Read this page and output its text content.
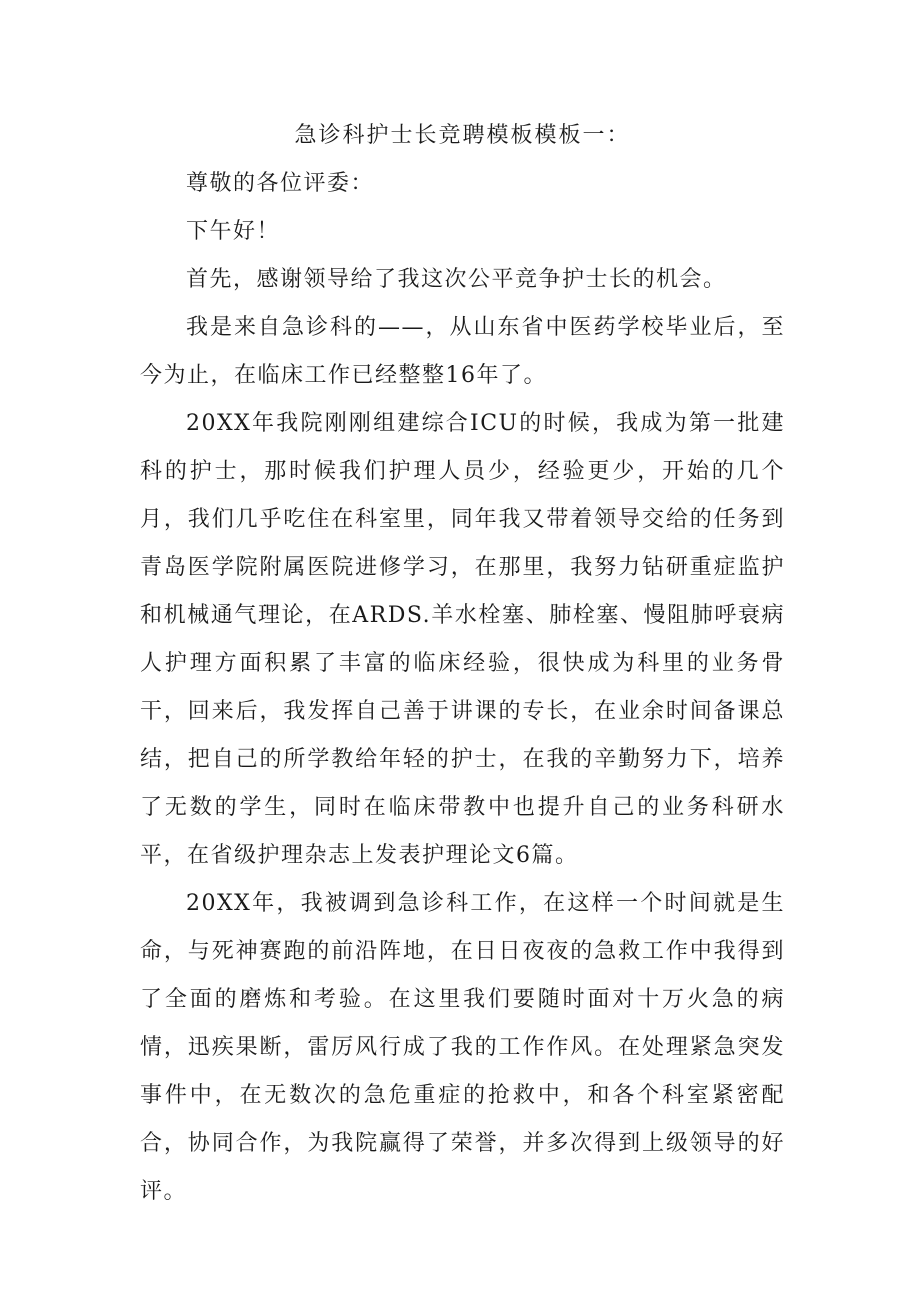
急诊科护士长竞聘模板模板一：

尊敬的各位评委：

下午好！

首先，感谢领导给了我这次公平竞争护士长的机会。

我是来自急诊科的——，从山东省中医药学校毕业后，至今为止，在临床工作已经整整16年了。

20XX年我院刚刚组建综合ICU的时候，我成为第一批建科的护士，那时候我们护理人员少，经验更少，开始的几个月，我们几乎吃住在科室里，同年我又带着领导交给的任务到青岛医学院附属医院进修学习，在那里，我努力钻研重症监护和机械通气理论，在ARDS.羊水栓塞、肺栓塞、慢阻肺呼衰病人护理方面积累了丰富的临床经验，很快成为科里的业务骨干，回来后，我发挥自己善于讲课的专长，在业余时间备课总结，把自己的所学教给年轻的护士，在我的辛勤努力下，培养了无数的学生，同时在临床带教中也提升自己的业务科研水平，在省级护理杂志上发表护理论文6篇。

20XX年，我被调到急诊科工作，在这样一个时间就是生命，与死神赛跑的前沿阵地，在日日夜夜的急救工作中我得到了全面的磨炼和考验。在这里我们要随时面对十万火急的病情，迅疾果断，雷厉风行成了我的工作作风。在处理紧急突发事件中，在无数次的急危重症的抢救中，和各个科室紧密配合，协同合作，为我院赢得了荣誉，并多次得到上级领导的好评。
